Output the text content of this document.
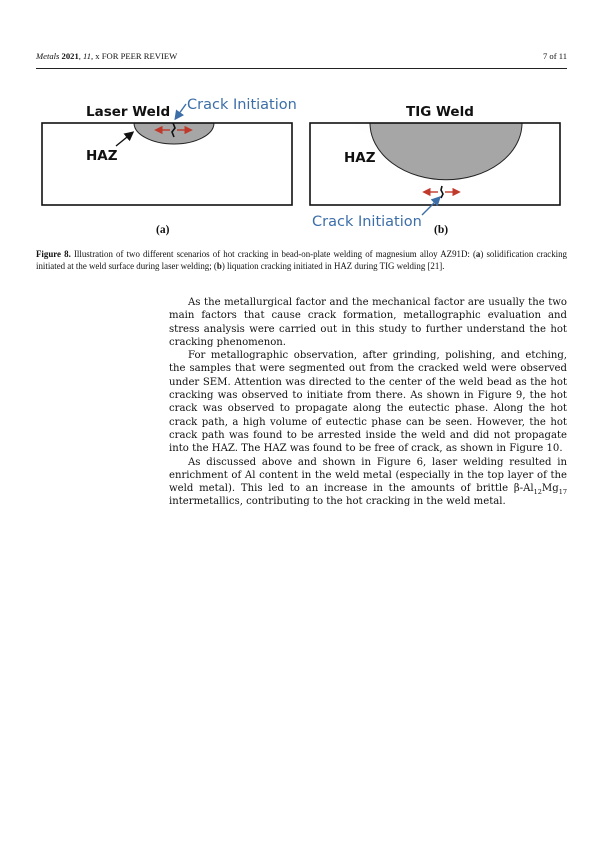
Metals 2021, 11, x FOR PEER REVIEW	7 of 11
Laser Weld Crack Initiation
HAZ
(a)
TIG Weld
HAZ
Crack Initiation (b)
Figure 8. Illustration of two different scenarios of hot cracking in bead-on-plate welding of magnesium alloy AZ91D: (a) solidification cracking initiated at the weld surface during laser welding; (b) liquation cracking initiated in HAZ during TIG welding [21].

As the metallurgical factor and the mechanical factor are usually the two main factors that cause crack formation, metallographic evaluation and stress analysis were carried out in this study to further understand the hot cracking phenomenon.

For metallographic observation, after grinding, polishing, and etching, the samples that were segmented out from the cracked weld were observed under SEM. Attention was directed to the center of the weld bead as the hot cracking was observed to initiate from there. As shown in Figure 9, the hot crack was observed to propagate along the eutectic phase. Along the hot crack path, a high volume of eutectic phase can be seen. However, the hot crack path was found to be arrested inside the weld and did not propagate into the HAZ. The HAZ was found to be free of crack, as shown in Figure 10.

As discussed above and shown in Figure 6, laser welding resulted in enrichment of Al content in the weld metal (especially in the top layer of the weld metal). This led to an increase in the amounts of brittle $\beta-Al_{12}Mg_{17}$ intermetallics, contributing to the hot cracking in the weld metal.
